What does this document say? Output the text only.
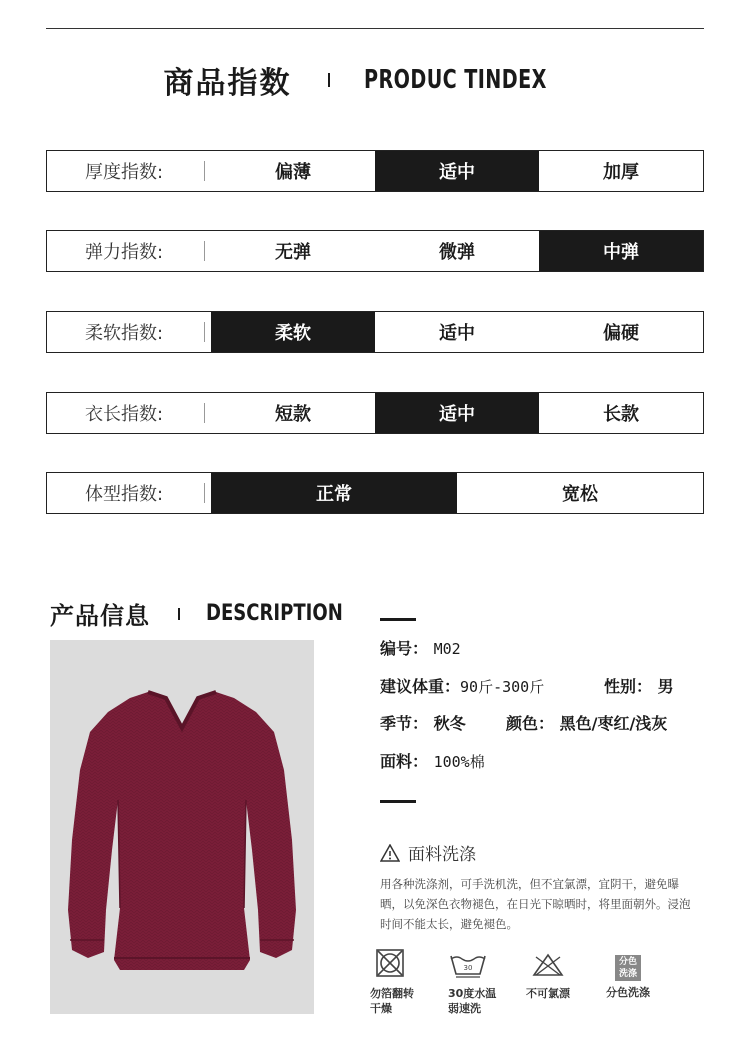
商品指数	PRODUC TINDEX
厚度指数:	偏薄	适中	加厚
弹力指数:	无弹	微弹	中弹
柔软指数:	柔软	适中	偏硬
衣长指数:	短款	适中	长款
体型指数:	正常	宽松
产品信息	DESCRIPTION
编号： M02
建议体重：90斤-300斤	性别： 男
季节： 秋冬	颜色： 黑色/枣红/浅灰
面料： 100%棉
面料洗涤
用各种洗涤剂，可手洗机洗，但不宜氯漂，宜阴干，避免曝晒，以免深色衣物褪色，在日光下晾晒时，将里面朝外。浸泡时间不能太长，避免褪色。
勿箔翻转干燥
30
30度水温弱速洗
不可氯漂
分色洗涤
分色洗涤
